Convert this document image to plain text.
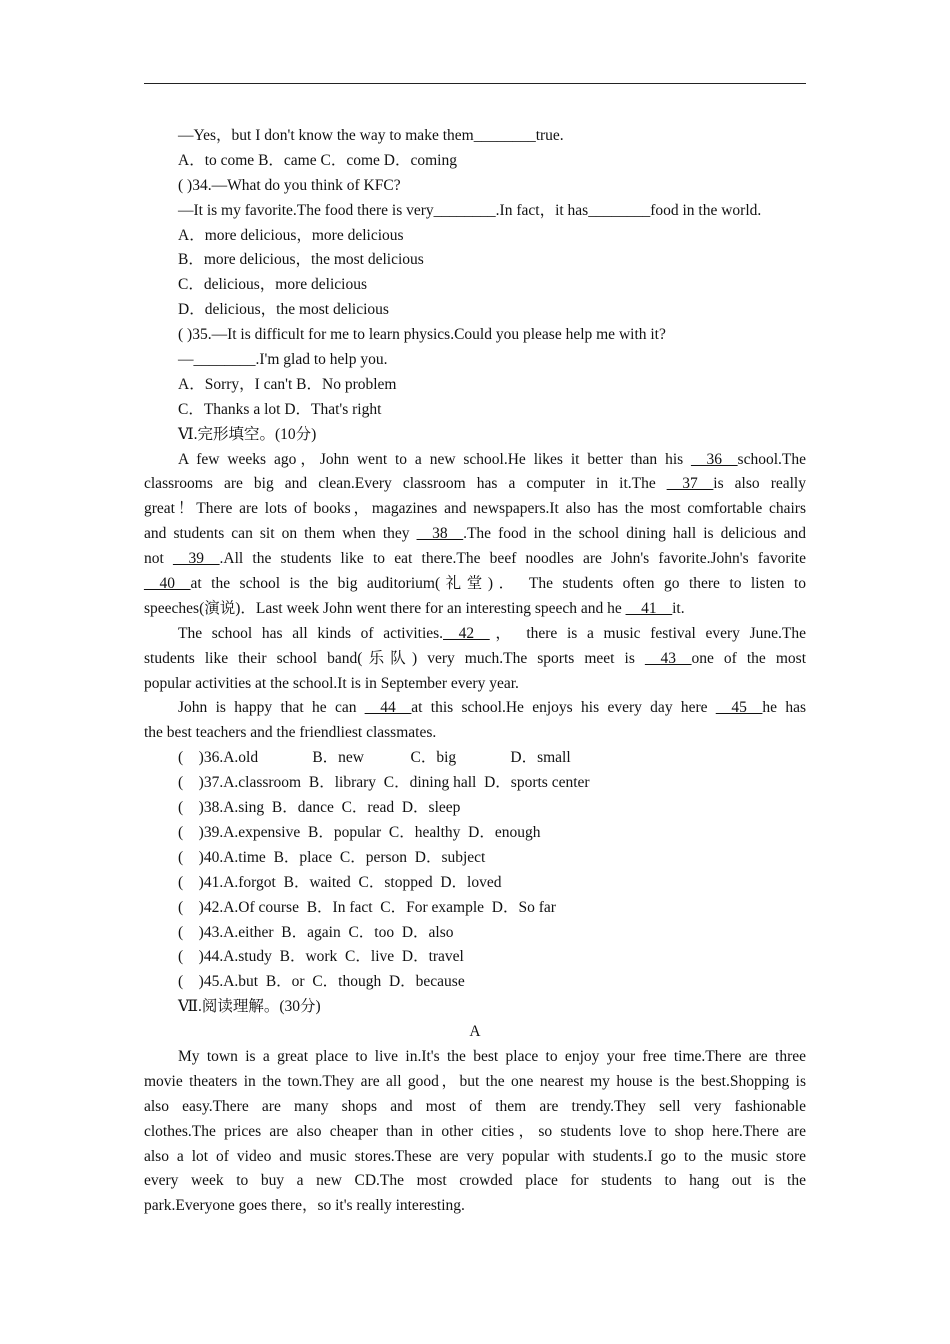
—Yes，but I don't know the way to make them________true.
A．to come B．came C．come D．coming
( )34.—What do you think of KFC?
—It is my favorite.The food there is very________.In fact，it has________food in the world.
A．more delicious，more delicious
B．more delicious，the most delicious
C．delicious，more delicious
D．delicious，the most delicious
( )35.—It is difficult for me to learn physics.Could you please help me with it?
—________.I'm glad to help you.
A．Sorry，I can't B．No problem
C．Thanks a lot D．That's right
Ⅵ.完形填空。(10分)
A few weeks ago，John went to a new school.He likes it better than his __36__school.The
classrooms are big and clean.Every classroom has a computer in it.The __37__is also really
great！There are lots of books，magazines and newspapers.It also has the most comfortable chairs
and students can sit on them when they __38__.The food in the school dining hall is delicious and
not __39__.All the students like to eat there.The beef noodles are John's favorite.John's favorite
__40__at the school is the big auditorium(礼堂)． The students often go there to listen to
speeches(演说)．Last week John went there for an interesting speech and he __41__it.
The school has all kinds of activities.__42__， there is a music festival every June.The
students like their school band(乐队) very much.The sports meet is __43__one of the most
popular activities at the school.It is in September every year.
John is happy that he can __44__at this school.He enjoys his every day here __45__he has
the best teachers and the friendliest classmates.
(    )36.A.old              B．new            C．big              D．small
(    )37.A.classroom  B．library  C．dining hall  D．sports center
(    )38.A.sing  B．dance  C．read  D．sleep
(    )39.A.expensive  B．popular  C．healthy  D．enough
(    )40.A.time  B．place  C．person  D．subject
(    )41.A.forgot  B．waited  C．stopped  D．loved
(    )42.A.Of course  B．In fact  C．For example  D．So far
(    )43.A.either  B．again  C．too  D．also
(    )44.A.study  B．work  C．live  D．travel
(    )45.A.but  B．or  C．though  D．because
Ⅶ.阅读理解。(30分)
A
My town is a great place to live in.It's the best place to enjoy your free time.There are three
movie theaters in the town.They are all good，but the one nearest my house is the best.Shopping is
also easy.There are many shops and most of them are trendy.They sell very fashionable
clothes.The prices are also cheaper than in other cities，so students love to shop here.There are
also a lot of video and music stores.These are very popular with students.I go to the music store
every week to buy a new CD.The most crowded place for students to hang out is the
park.Everyone goes there，so it's really interesting.
